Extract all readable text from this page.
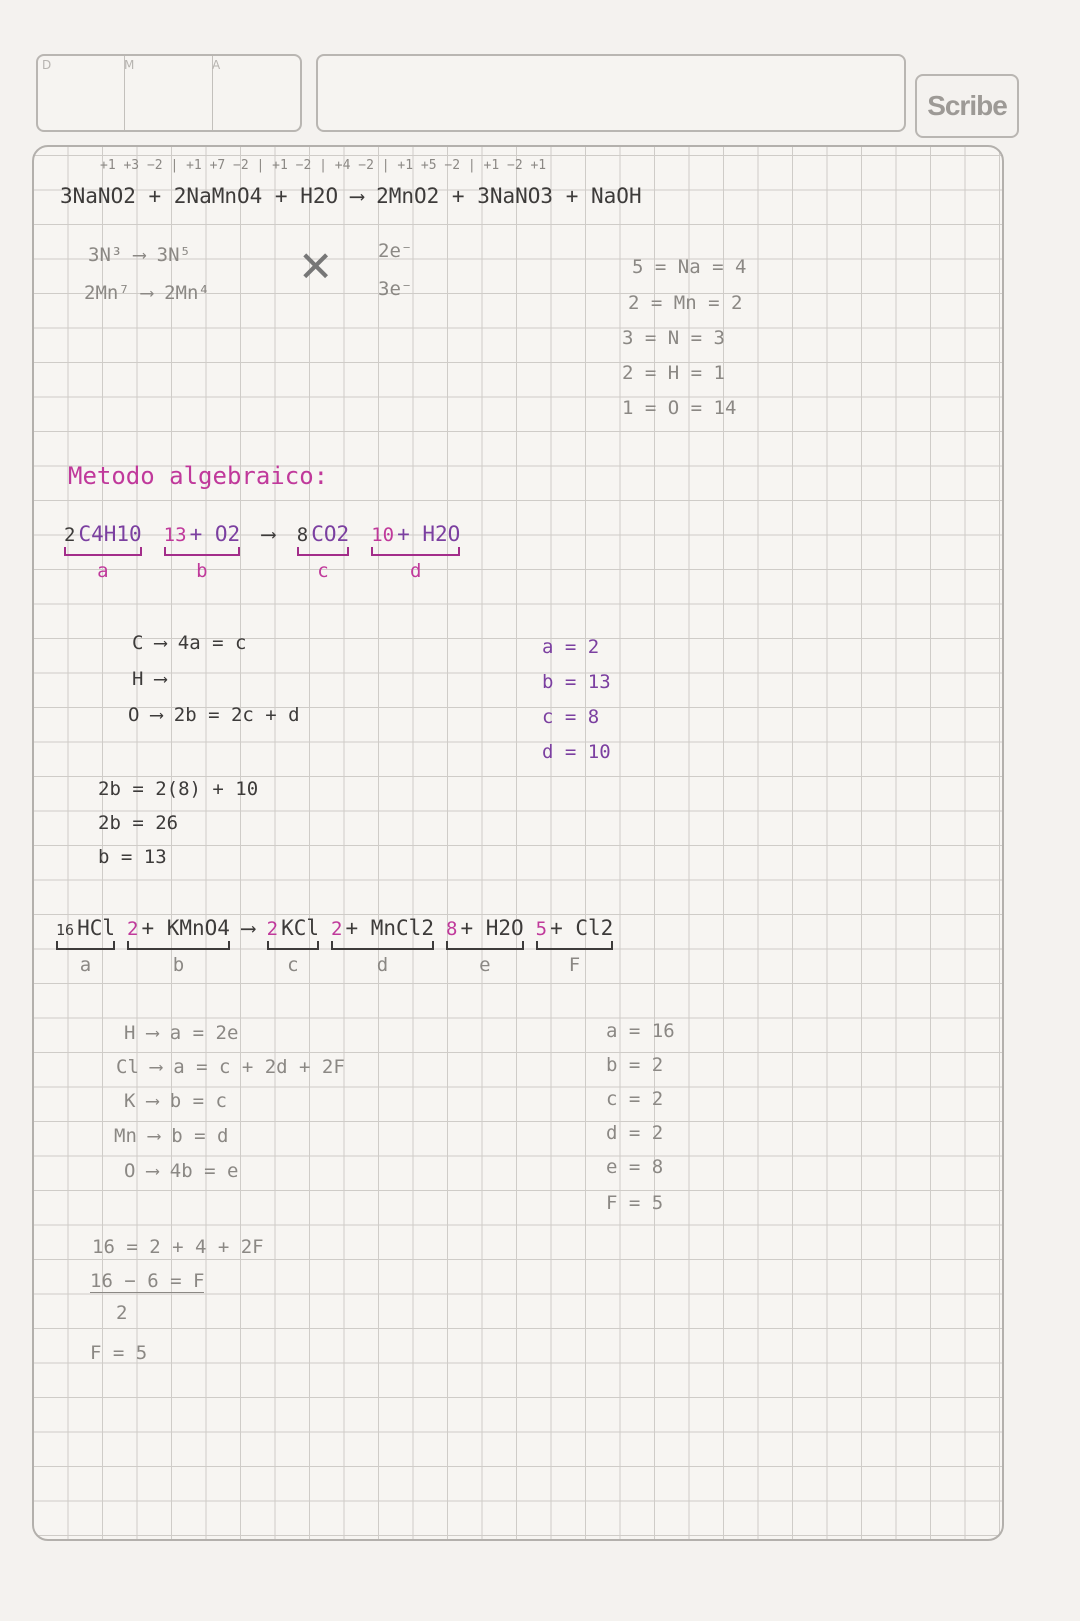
D	M	A
Scribe
+1 +3 −2 | +1 +7 −2 | +1 −2 | +4 −2 | +1 +5 −2 | +1 −2 +1
3NaNO2 + 2NaMnO4 + H2O ⟶ 2MnO2 + 3NaNO3 + NaOH
3N³ ⟶ 3N⁵
2Mn⁷ ⟶ 2Mn⁴ ✕ 2e⁻
3e⁻
5 = Na = 4
2 = Mn = 2
3 = N = 3
2 = H = 1
1 = O = 14
Metodo algebraico:
2 C4H10
a
13 + O2
b
⟶ 8 CO2
c
10 + H2O
d
C ⟶ 4a = c
H ⟶
O ⟶ 2b = 2c + d
a = 2
b = 13
c = 8
d = 10
2b = 2(8) + 10
2b = 26
b = 13
16 HCl
a
2 + KMnO4
b
⟶ 2 KCl
c
2 + MnCl2
d
8 + H2O
e
5 + Cl2
F
H ⟶ a = 2e
Cl ⟶ a = c + 2d + 2F
K ⟶ b = c
Mn ⟶ b = d
O ⟶ 4b = e
a = 16
b = 2
c = 2
d = 2
e = 8
F = 5
16 = 2 + 4 + 2F
16 − 6 = F
2
F = 5
